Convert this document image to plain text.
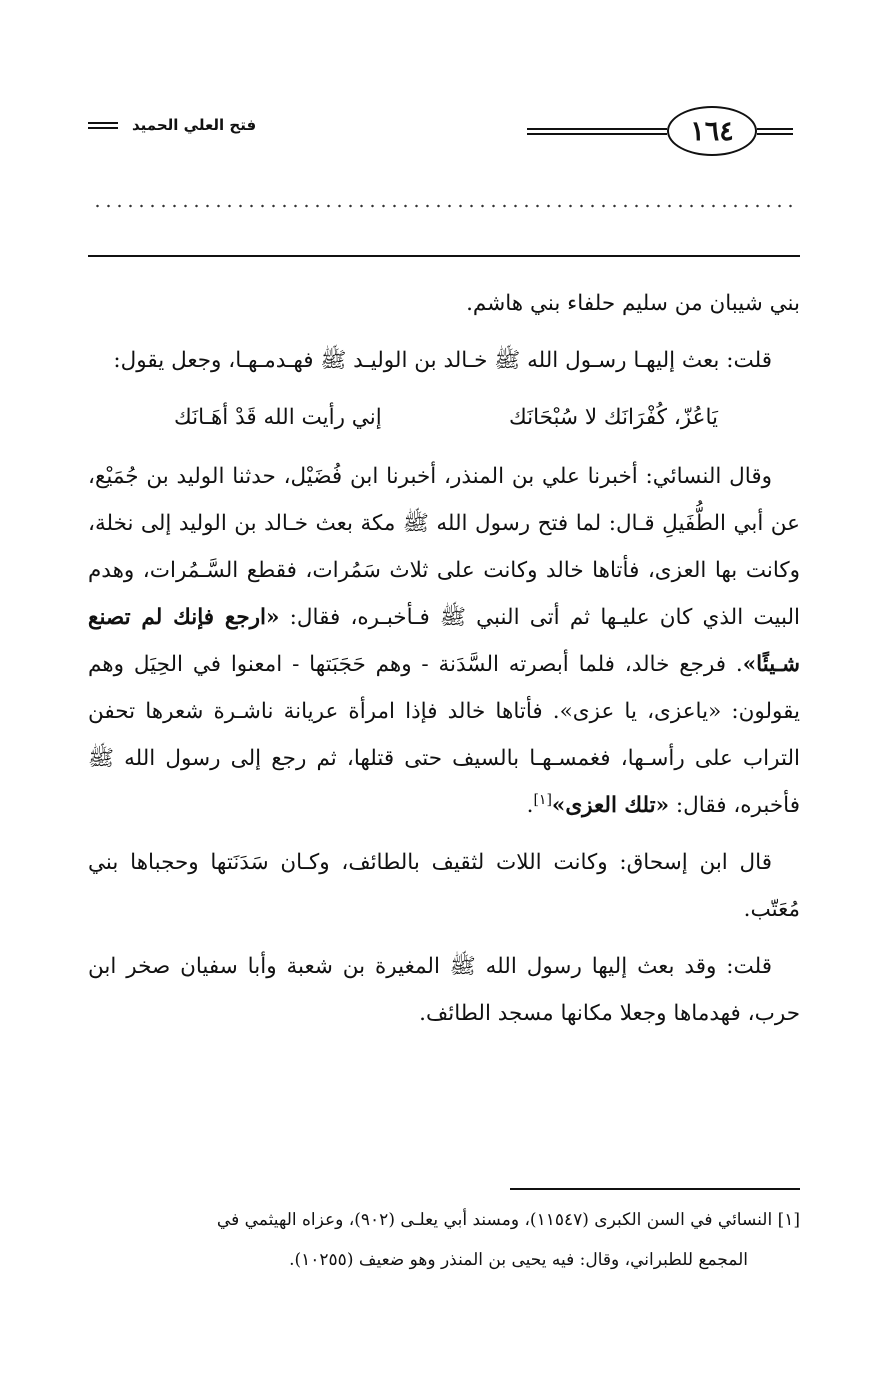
١٦٤
فتح العلي الحميد

بني شيبان من سليم حلفاء بني هاشم.

قلت: بعث إليهـا رسـول الله ﷺ خـالد بن الوليـد ﷺ فهـدمـهـا، وجعل يقول:

يَاعُزّ، كُفْرَانَك لا سُبْحَانَك
إني رأيت الله قَدْ أهَـانَك

وقال النسائي: أخبرنا علي بن المنذر، أخبرنا ابن فُضَيْل، حدثنا الوليد بن جُمَيْع، عن أبي الطُّفَيلِ قـال: لما فتح رسول الله ﷺ مكة بعث خـالد بن الوليد إلى نخلة، وكانت بها العزى، فأتاها خالد وكانت على ثلاث سَمُرات، فقطع السَّـمُرات، وهدم البيت الذي كان عليـها ثم أتى النبي ﷺ فـأخبـره، فقال: «ارجع فإنك لم تصنع شـيئًا». فرجع خالد، فلما أبصرته السَّدَنة - وهم حَجَبَتها - امعنوا في الحِيَل وهم يقولون: «ياعزى، يا عزى». فأتاها خالد فإذا امرأة عريانة ناشـرة شعرها تحفن التراب على رأسـها، فغمسـهـا بالسيف حتى قتلها، ثم رجع إلى رسول الله ﷺ فأخبره، فقال: «تلك العزى»[١].

قال ابن إسحاق: وكانت اللات لثقيف بالطائف، وكـان سَدَنَتها وحجباها بني مُعَتّب.

قلت: وقد بعث إليها رسول الله ﷺ المغيرة بن شعبة وأبا سفيان صخر ابن حرب، فهدماها وجعلا مكانها مسجد الطائف.

[١] النسائي في السن الكبرى (١١٥٤٧)، ومسند أبي يعلـى (٩٠٢)، وعزاه الهيثمي في

المجمع للطبراني، وقال: فيه يحيى بن المنذر وهو ضعيف (١٠٢٥٥).
